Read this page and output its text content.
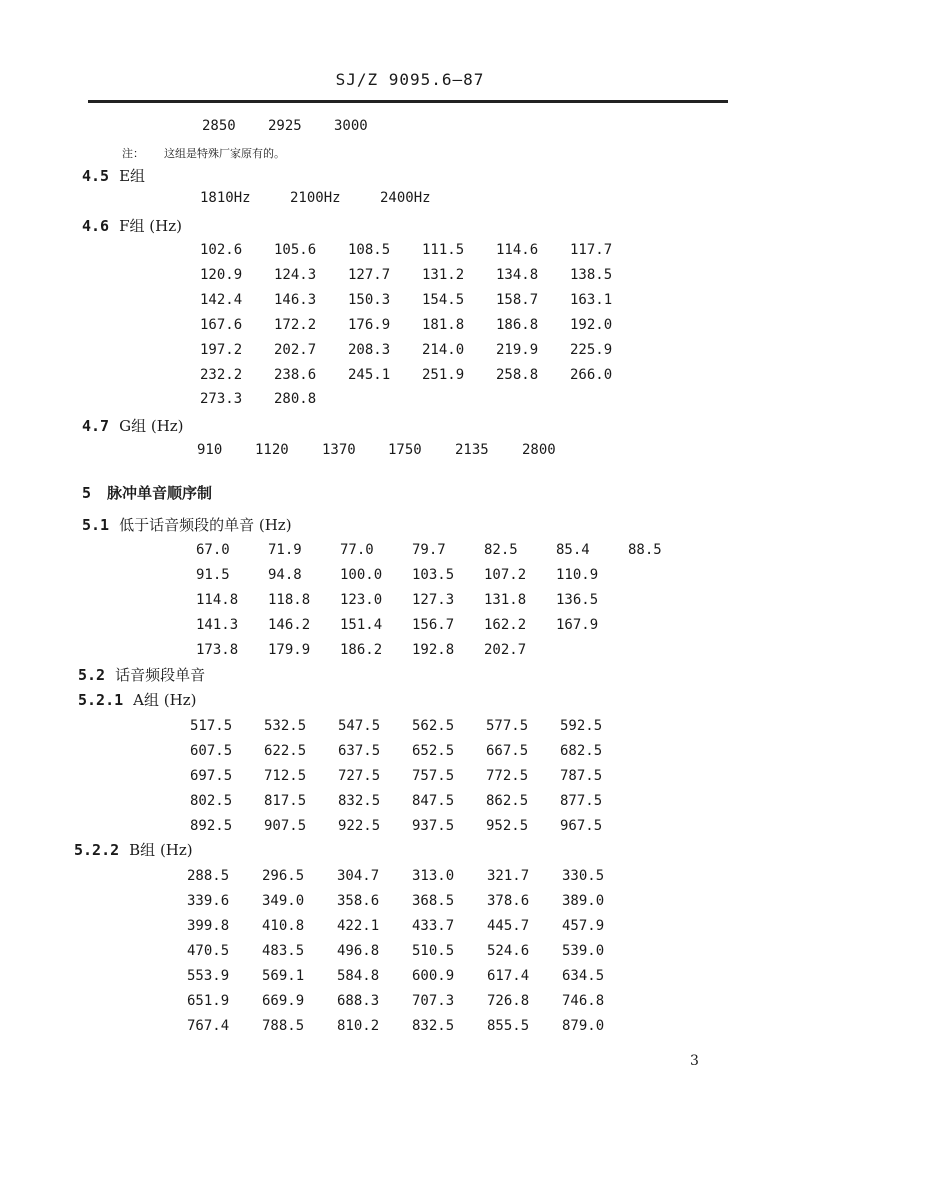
SJ/Z 9095.6—87
2850 2925 3000
注： 这组是特殊厂家原有的。
4.5 E组
1810Hz	2100Hz	2400Hz
4.6 F组 (Hz)
102.6 105.6 108.5 111.5 114.6 117.7
120.9 124.3 127.7 131.2 134.8 138.5
142.4 146.3 150.3 154.5 158.7 163.1
167.6 172.2 176.9 181.8 186.8 192.0
197.2 202.7 208.3 214.0 219.9 225.9
232.2 238.6 245.1 251.9 258.8 266.0
273.3 280.8
4.7 G组 (Hz)
910 1120 1370 1750 2135 2800
5 脉冲单音顺序制
5.1 低于话音频段的单音 (Hz)
67.0	71.9	77.0	79.7	82.5	85.4	88.5
91.5	94.8	100.0 103.5 107.2 110.9
114.8 118.8 123.0 127.3 131.8 136.5
141.3 146.2 151.4 156.7 162.2 167.9
173.8 179.9 186.2 192.8 202.7
5.2 话音频段单音
5.2.1 A组 (Hz)
517.5 532.5 547.5 562.5 577.5 592.5
607.5 622.5 637.5 652.5 667.5 682.5
697.5 712.5 727.5 757.5 772.5 787.5
802.5 817.5 832.5 847.5 862.5 877.5
892.5 907.5 922.5 937.5 952.5 967.5
5.2.2 B组 (Hz)
288.5 296.5 304.7 313.0 321.7 330.5
339.6 349.0 358.6 368.5 378.6 389.0
399.8 410.8 422.1 433.7 445.7 457.9
470.5 483.5 496.8 510.5 524.6 539.0
553.9 569.1 584.8 600.9 617.4 634.5
651.9 669.9 688.3 707.3 726.8 746.8
767.4 788.5 810.2 832.5 855.5 879.0
3
